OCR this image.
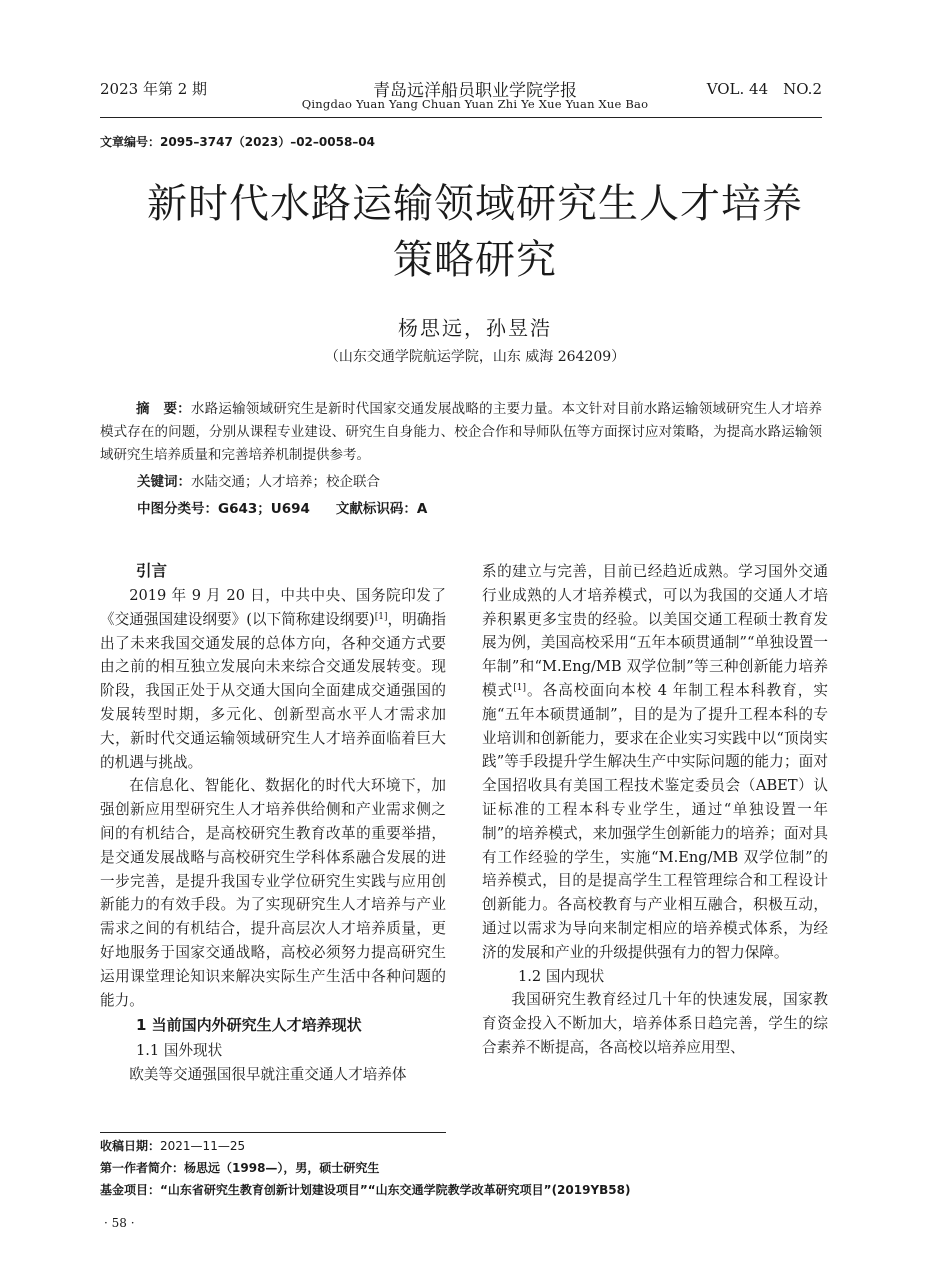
2023 年第 2 期	青岛远洋船员职业学院学报
Qingdao Yuan Yang Chuan Yuan Zhi Ye Xue Yuan Xue Bao
VOL. 44　NO.2
文章编号：2095–3747（2023）–02–0058–04
新时代水路运输领域研究生人才培养
策略研究
杨思远，孙昱浩
（山东交通学院航运学院，山东 威海 264209）
摘　要：水路运输领域研究生是新时代国家交通发展战略的主要力量。本文针对目前水路运输领域研究生人才培养模式存在的问题，分别从课程专业建设、研究生自身能力、校企合作和导师队伍等方面探讨应对策略，为提高水路运输领域研究生培养质量和完善培养机制提供参考。
关键词：水陆交通；人才培养；校企联合
中图分类号：G643；U694 文献标识码：A

引言

2019 年 9 月 20 日，中共中央、国务院印发了《交通强国建设纲要》(以下简称建设纲要)[1]，明确指出了未来我国交通发展的总体方向，各种交通方式要由之前的相互独立发展向未来综合交通发展转变。现阶段，我国正处于从交通大国向全面建成交通强国的发展转型时期，多元化、创新型高水平人才需求加大，新时代交通运输领域研究生人才培养面临着巨大的机遇与挑战。

在信息化、智能化、数据化的时代大环境下，加强创新应用型研究生人才培养供给侧和产业需求侧之间的有机结合，是高校研究生教育改革的重要举措，是交通发展战略与高校研究生学科体系融合发展的进一步完善，是提升我国专业学位研究生实践与应用创新能力的有效手段。为了实现研究生人才培养与产业需求之间的有机结合，提升高层次人才培养质量，更好地服务于国家交通战略，高校必须努力提高研究生运用课堂理论知识来解决实际生产生活中各种问题的能力。

1 当前国内外研究生人才培养现状

1.1 国外现状

欧美等交通强国很早就注重交通人才培养体

系的建立与完善，目前已经趋近成熟。学习国外交通行业成熟的人才培养模式，可以为我国的交通人才培养积累更多宝贵的经验。以美国交通工程硕士教育发展为例，美国高校采用“五年本硕贯通制”“单独设置一年制”和“M.Eng/MB 双学位制”等三种创新能力培养模式[1]。各高校面向本校 4 年制工程本科教育，实施“五年本硕贯通制”，目的是为了提升工程本科的专业培训和创新能力，要求在企业实习实践中以“顶岗实践”等手段提升学生解决生产中实际问题的能力；面对全国招收具有美国工程技术鉴定委员会（ABET）认证标准的工程本科专业学生，通过“单独设置一年制”的培养模式，来加强学生创新能力的培养；面对具有工作经验的学生，实施“M.Eng/MB 双学位制”的培养模式，目的是提高学生工程管理综合和工程设计创新能力。各高校教育与产业相互融合，积极互动，通过以需求为导向来制定相应的培养模式体系，为经济的发展和产业的升级提供强有力的智力保障。

1.2 国内现状

我国研究生教育经过几十年的快速发展，国家教育资金投入不断加大，培养体系日趋完善，学生的综合素养不断提高，各高校以培养应用型、

收稿日期：2021—11—25
第一作者简介：杨思远（1998—），男，硕士研究生
基金项目：“山东省研究生教育创新计划建设项目”“山东交通学院教学改革研究项目”(2019YB58)
· 58 ·
